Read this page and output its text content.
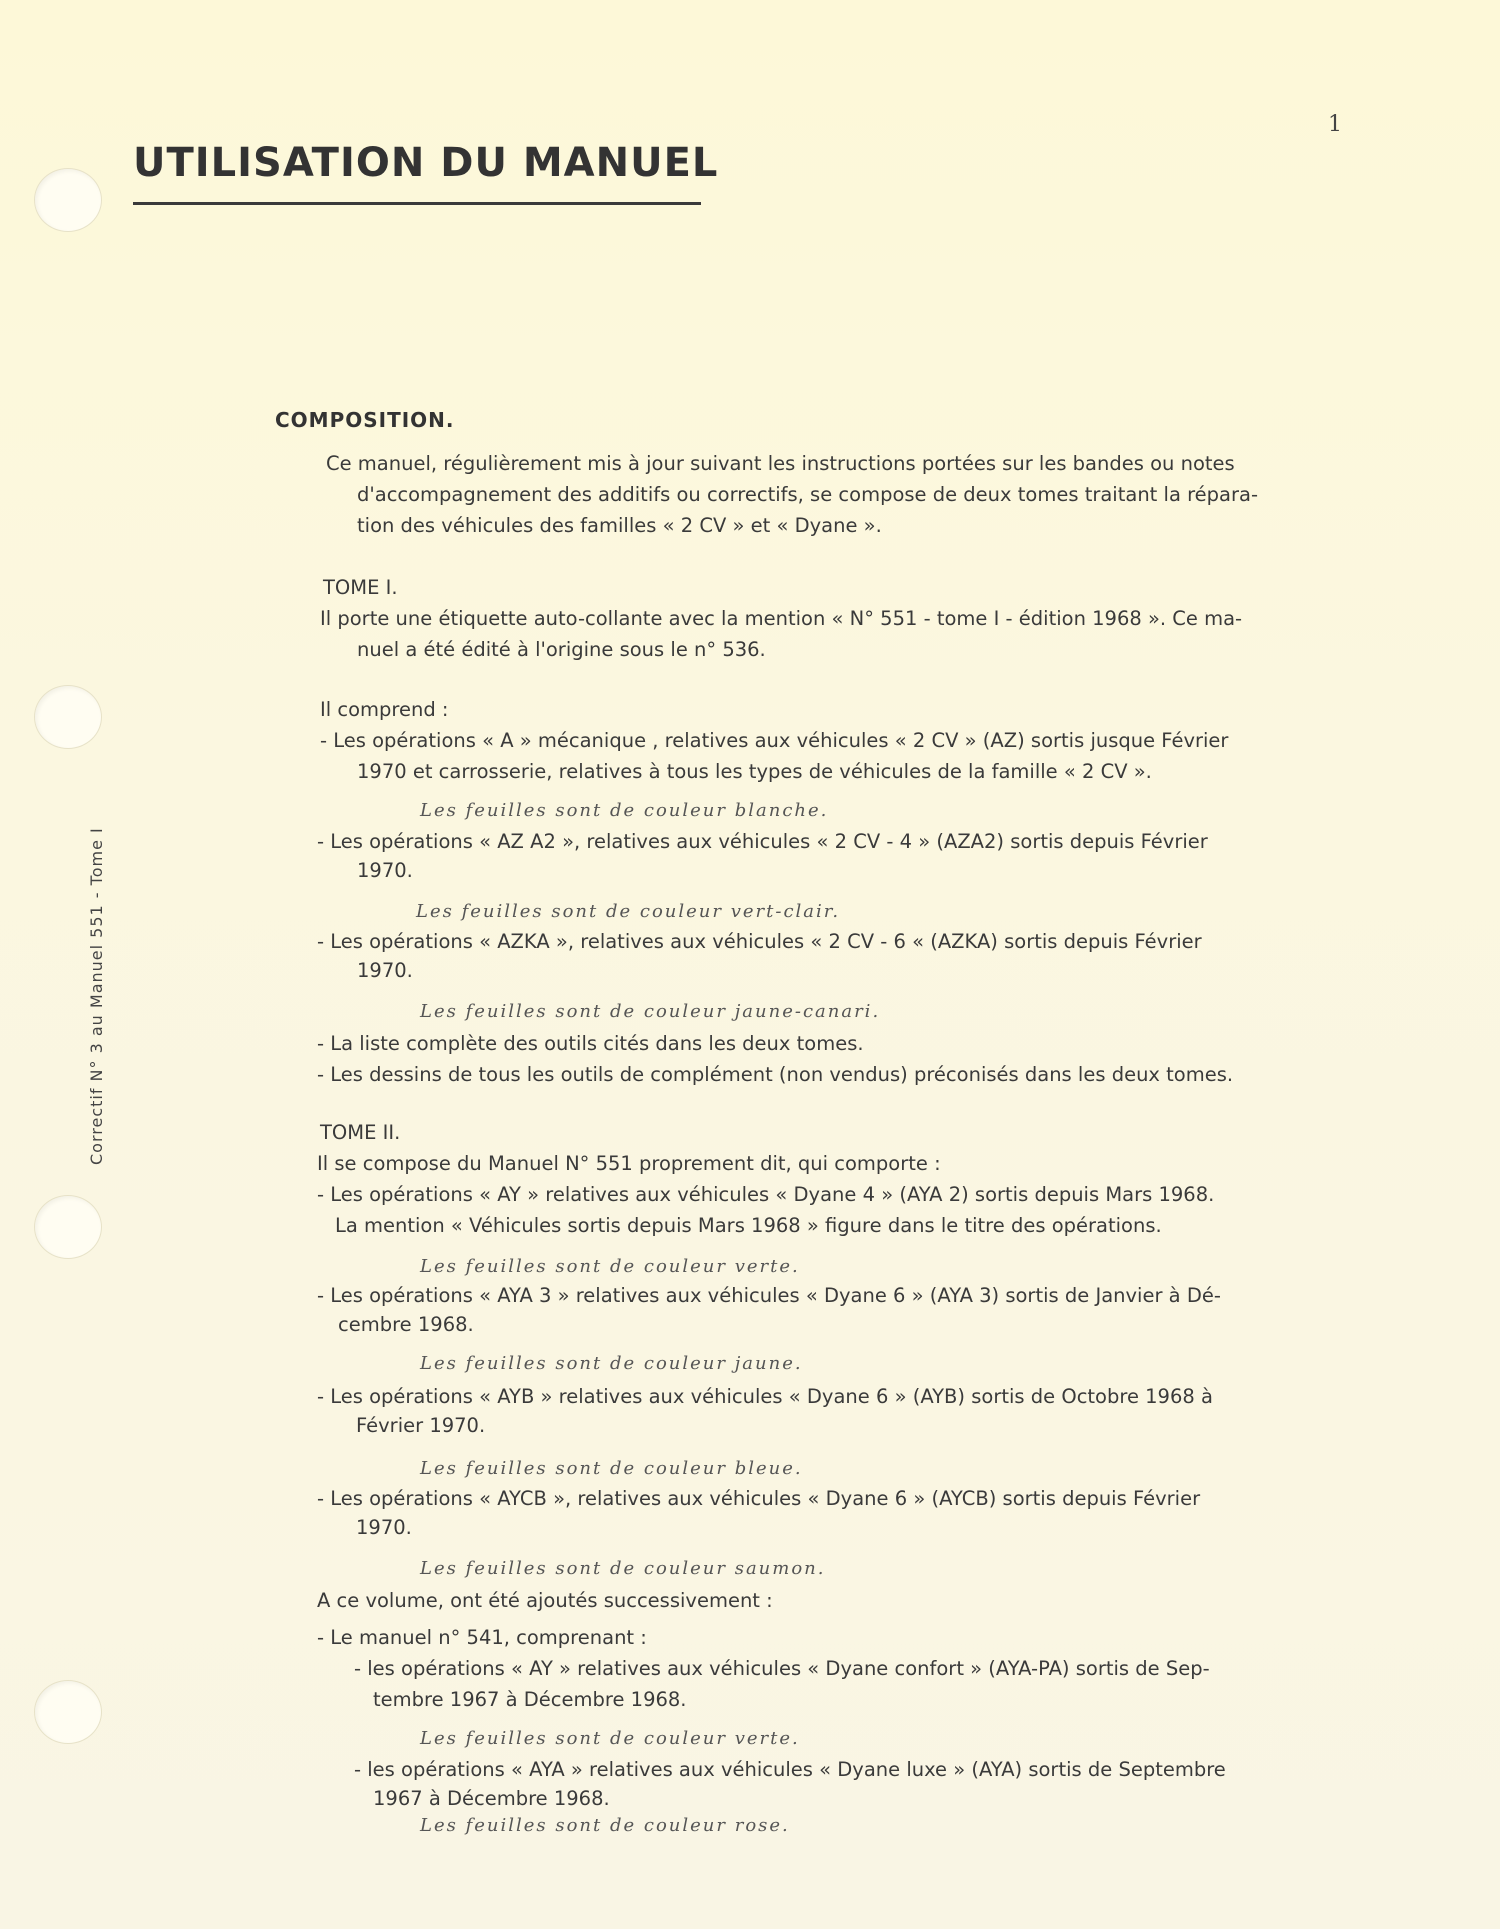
1
UTILISATION DU MANUEL
Correctif N° 3 au Manuel 551 - Tome I
COMPOSITION.
Ce manuel, régulièrement mis à jour suivant les instructions portées sur les bandes ou notes
d'accompagnement des additifs ou correctifs, se compose de deux tomes traitant la répara-
tion des véhicules des familles « 2 CV » et « Dyane ».
TOME I.
Il porte une étiquette auto-collante avec la mention « N° 551 - tome I - édition 1968 ». Ce ma-
nuel a été édité à l'origine sous le n° 536.
Il comprend :
- Les opérations « A » mécanique , relatives aux véhicules « 2 CV » (AZ) sortis jusque Février
1970 et carrosserie, relatives à tous les types de véhicules de la famille « 2 CV ».
Les feuilles sont de couleur blanche.
- Les opérations « AZ A2 », relatives aux véhicules « 2 CV - 4 » (AZA2) sortis depuis Février
1970.
Les feuilles sont de couleur vert-clair.
- Les opérations « AZKA », relatives aux véhicules « 2 CV - 6 « (AZKA) sortis depuis Février
1970.
Les feuilles sont de couleur jaune-canari.
- La liste complète des outils cités dans les deux tomes.
- Les dessins de tous les outils de complément (non vendus) préconisés dans les deux tomes.
TOME II.
Il se compose du Manuel N° 551 proprement dit, qui comporte :
- Les opérations « AY » relatives aux véhicules « Dyane 4 » (AYA 2) sortis depuis Mars 1968.
La mention « Véhicules sortis depuis Mars 1968 » figure dans le titre des opérations.
Les feuilles sont de couleur verte.
- Les opérations « AYA 3 » relatives aux véhicules « Dyane 6 » (AYA 3) sortis de Janvier à Dé-
cembre 1968.
Les feuilles sont de couleur jaune.
- Les opérations « AYB » relatives aux véhicules « Dyane 6 » (AYB) sortis de Octobre 1968 à
Février 1970.
Les feuilles sont de couleur bleue.
- Les opérations « AYCB », relatives aux véhicules « Dyane 6 » (AYCB) sortis depuis Février
1970.
Les feuilles sont de couleur saumon.
A ce volume, ont été ajoutés successivement :
- Le manuel n° 541, comprenant :
- les opérations « AY » relatives aux véhicules « Dyane confort » (AYA-PA) sortis de Sep-
tembre 1967 à Décembre 1968.
Les feuilles sont de couleur verte.
- les opérations « AYA » relatives aux véhicules « Dyane luxe » (AYA) sortis de Septembre
1967 à Décembre 1968.
Les feuilles sont de couleur rose.
